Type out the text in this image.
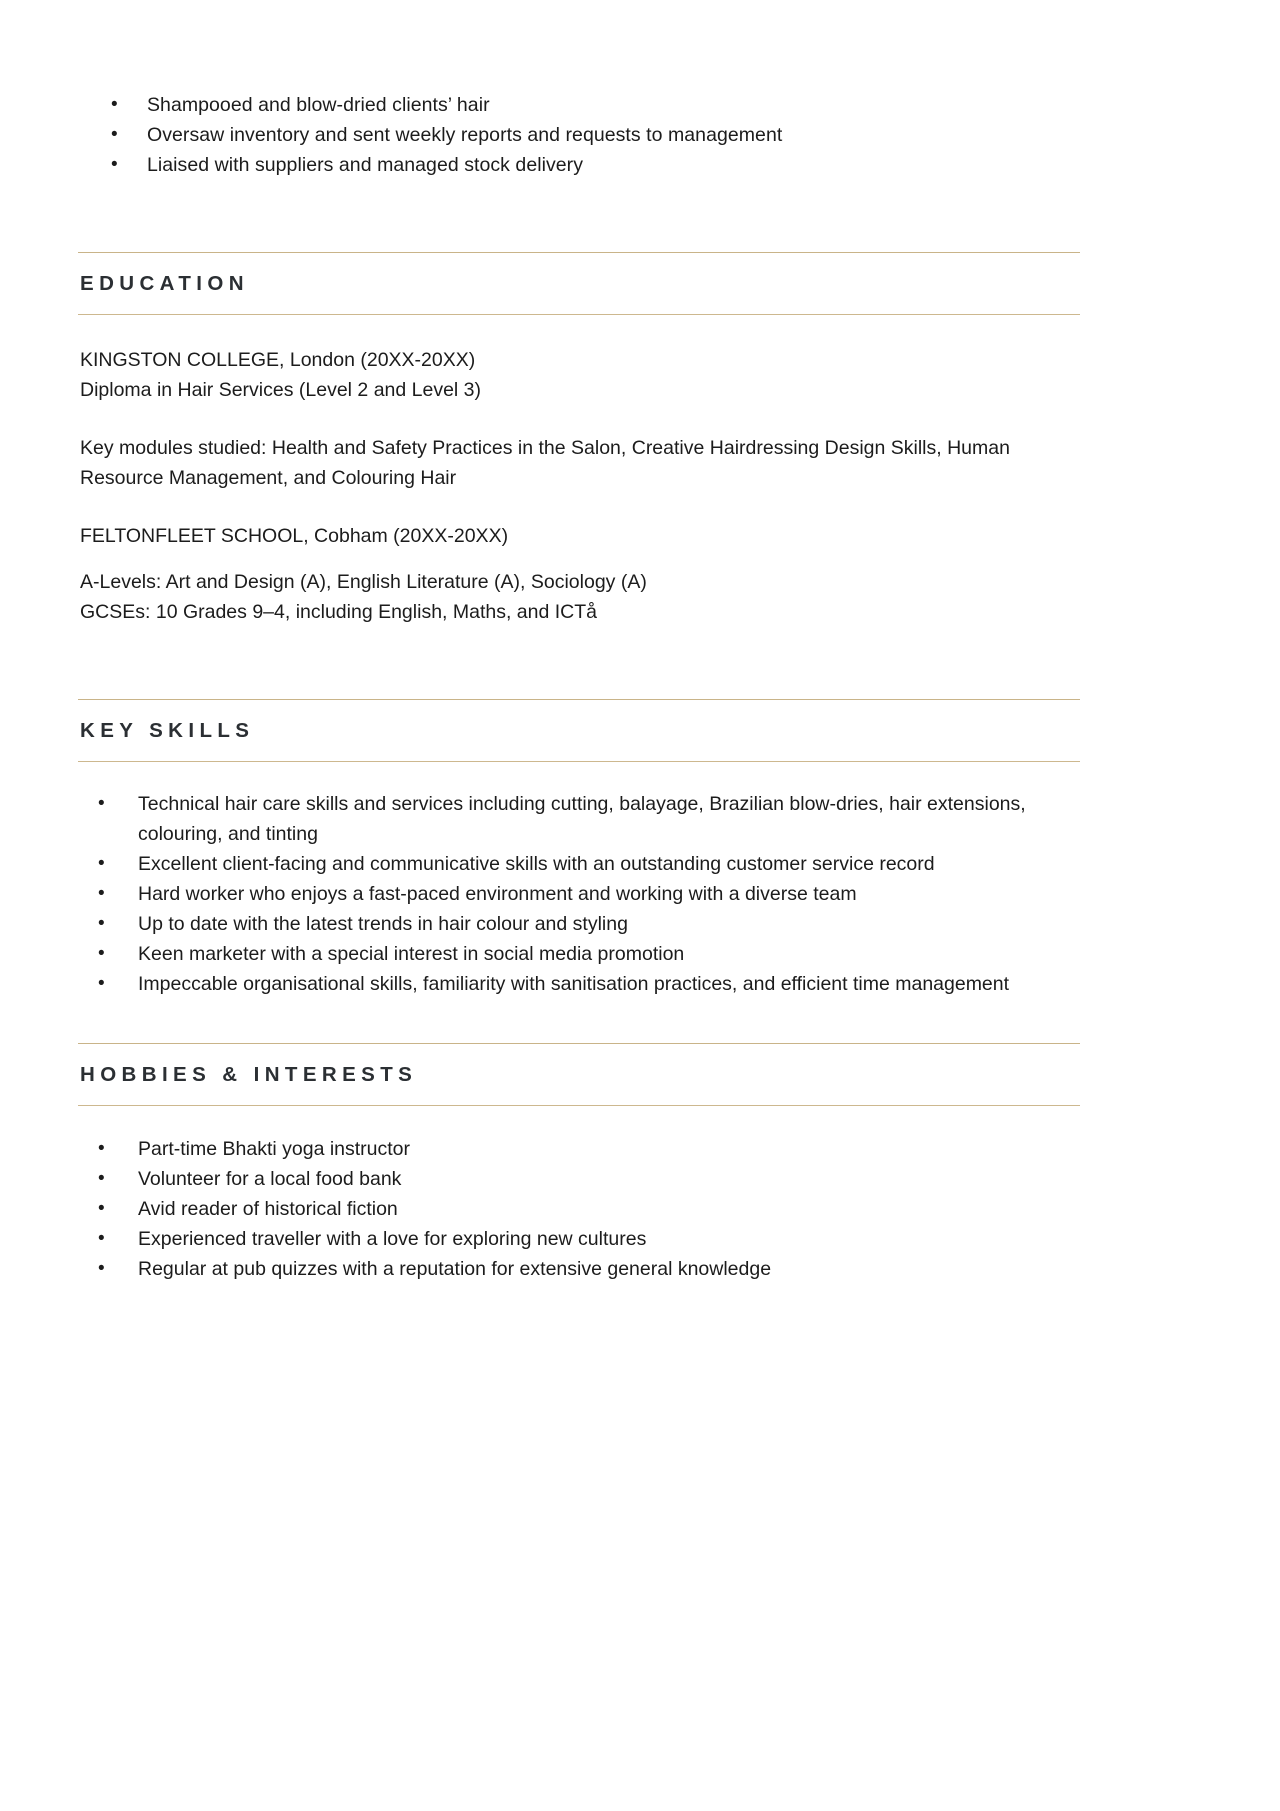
• Shampooed and blow-dried clients’ hair
• Oversaw inventory and sent weekly reports and requests to management
• Liaised with suppliers and managed stock delivery
EDUCATION
KINGSTON COLLEGE, London (20XX-20XX)
Diploma in Hair Services (Level 2 and Level 3)
Key modules studied: Health and Safety Practices in the Salon, Creative Hairdressing Design Skills, Human Resource Management, and Colouring Hair
FELTONFLEET SCHOOL, Cobham (20XX-20XX)
A-Levels: Art and Design (A), English Literature (A), Sociology (A)
GCSEs: 10 Grades 9–4, including English, Maths, and ICTå
KEY SKILLS
• Technical hair care skills and services including cutting, balayage, Brazilian blow-dries, hair extensions, colouring, and tinting
• Excellent client-facing and communicative skills with an outstanding customer service record
• Hard worker who enjoys a fast-paced environment and working with a diverse team
• Up to date with the latest trends in hair colour and styling
• Keen marketer with a special interest in social media promotion
• Impeccable organisational skills, familiarity with sanitisation practices, and efficient time management
HOBBIES & INTERESTS
• Part-time Bhakti yoga instructor
• Volunteer for a local food bank
• Avid reader of historical fiction
• Experienced traveller with a love for exploring new cultures
• Regular at pub quizzes with a reputation for extensive general knowledge
